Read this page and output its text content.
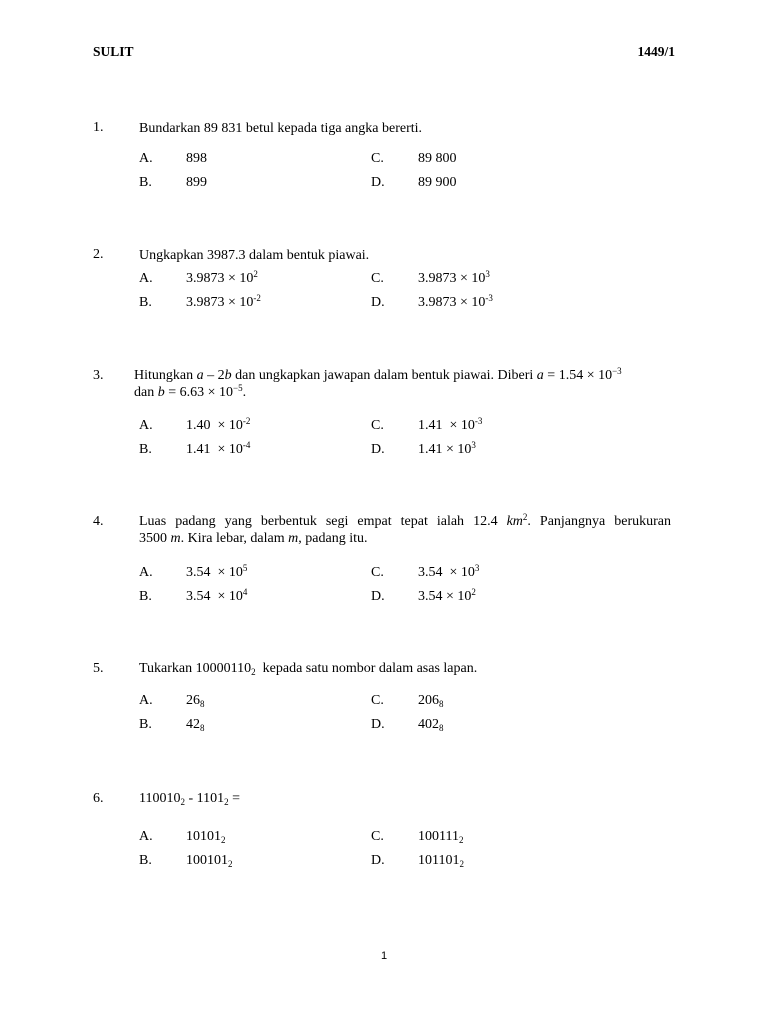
SULIT	1449/1
1.	Bundarkan 89 831 betul kepada tiga angka bererti.
A. 898
B. 899
C. 89 800
D. 89 900
2.	Ungkapkan 3987.3 dalam bentuk piawai.
A. $3.9873 \times 10^2$
B. $3.9873 \times 10^{-2}$
C. $3.9873 \times 10^3$
D. $3.9873 \times 10^{-3}$
3. Hitungkan a – 2b dan ungkapkan jawapan dalam bentuk piawai. Diberi $a = 1.54 \times 10^{-3}$
dan $b = 6.63 \times 10^{-5}$.
A. $1.40 \times 10^{-2}$
B. $1.41 \times 10^{-4}$
C. $1.41 \times 10^{-3}$
D. $1.41 \times 10^3$
4.	Luas padang yang berbentuk segi empat tepat ialah 12.4 $km^2$. Panjangnya berukuran
3500 m. Kira lebar, dalam m, padang itu.
A. $3.54 \times 10^5$
B. $3.54 \times 10^4$
C. $3.54 \times 10^3$
D. $3.54 \times 10^2$
5.	Tukarkan $10000110_2$  kepada satu nombor dalam asas lapan.
A. $26_8$
B. $42_8$
C. $206_8$
D. $402_8$
6.	$110010_2 - 1101_2$ =
A. $10101_2$
B. $100101_2$
C. $100111_2$
D. $101101_2$
1
